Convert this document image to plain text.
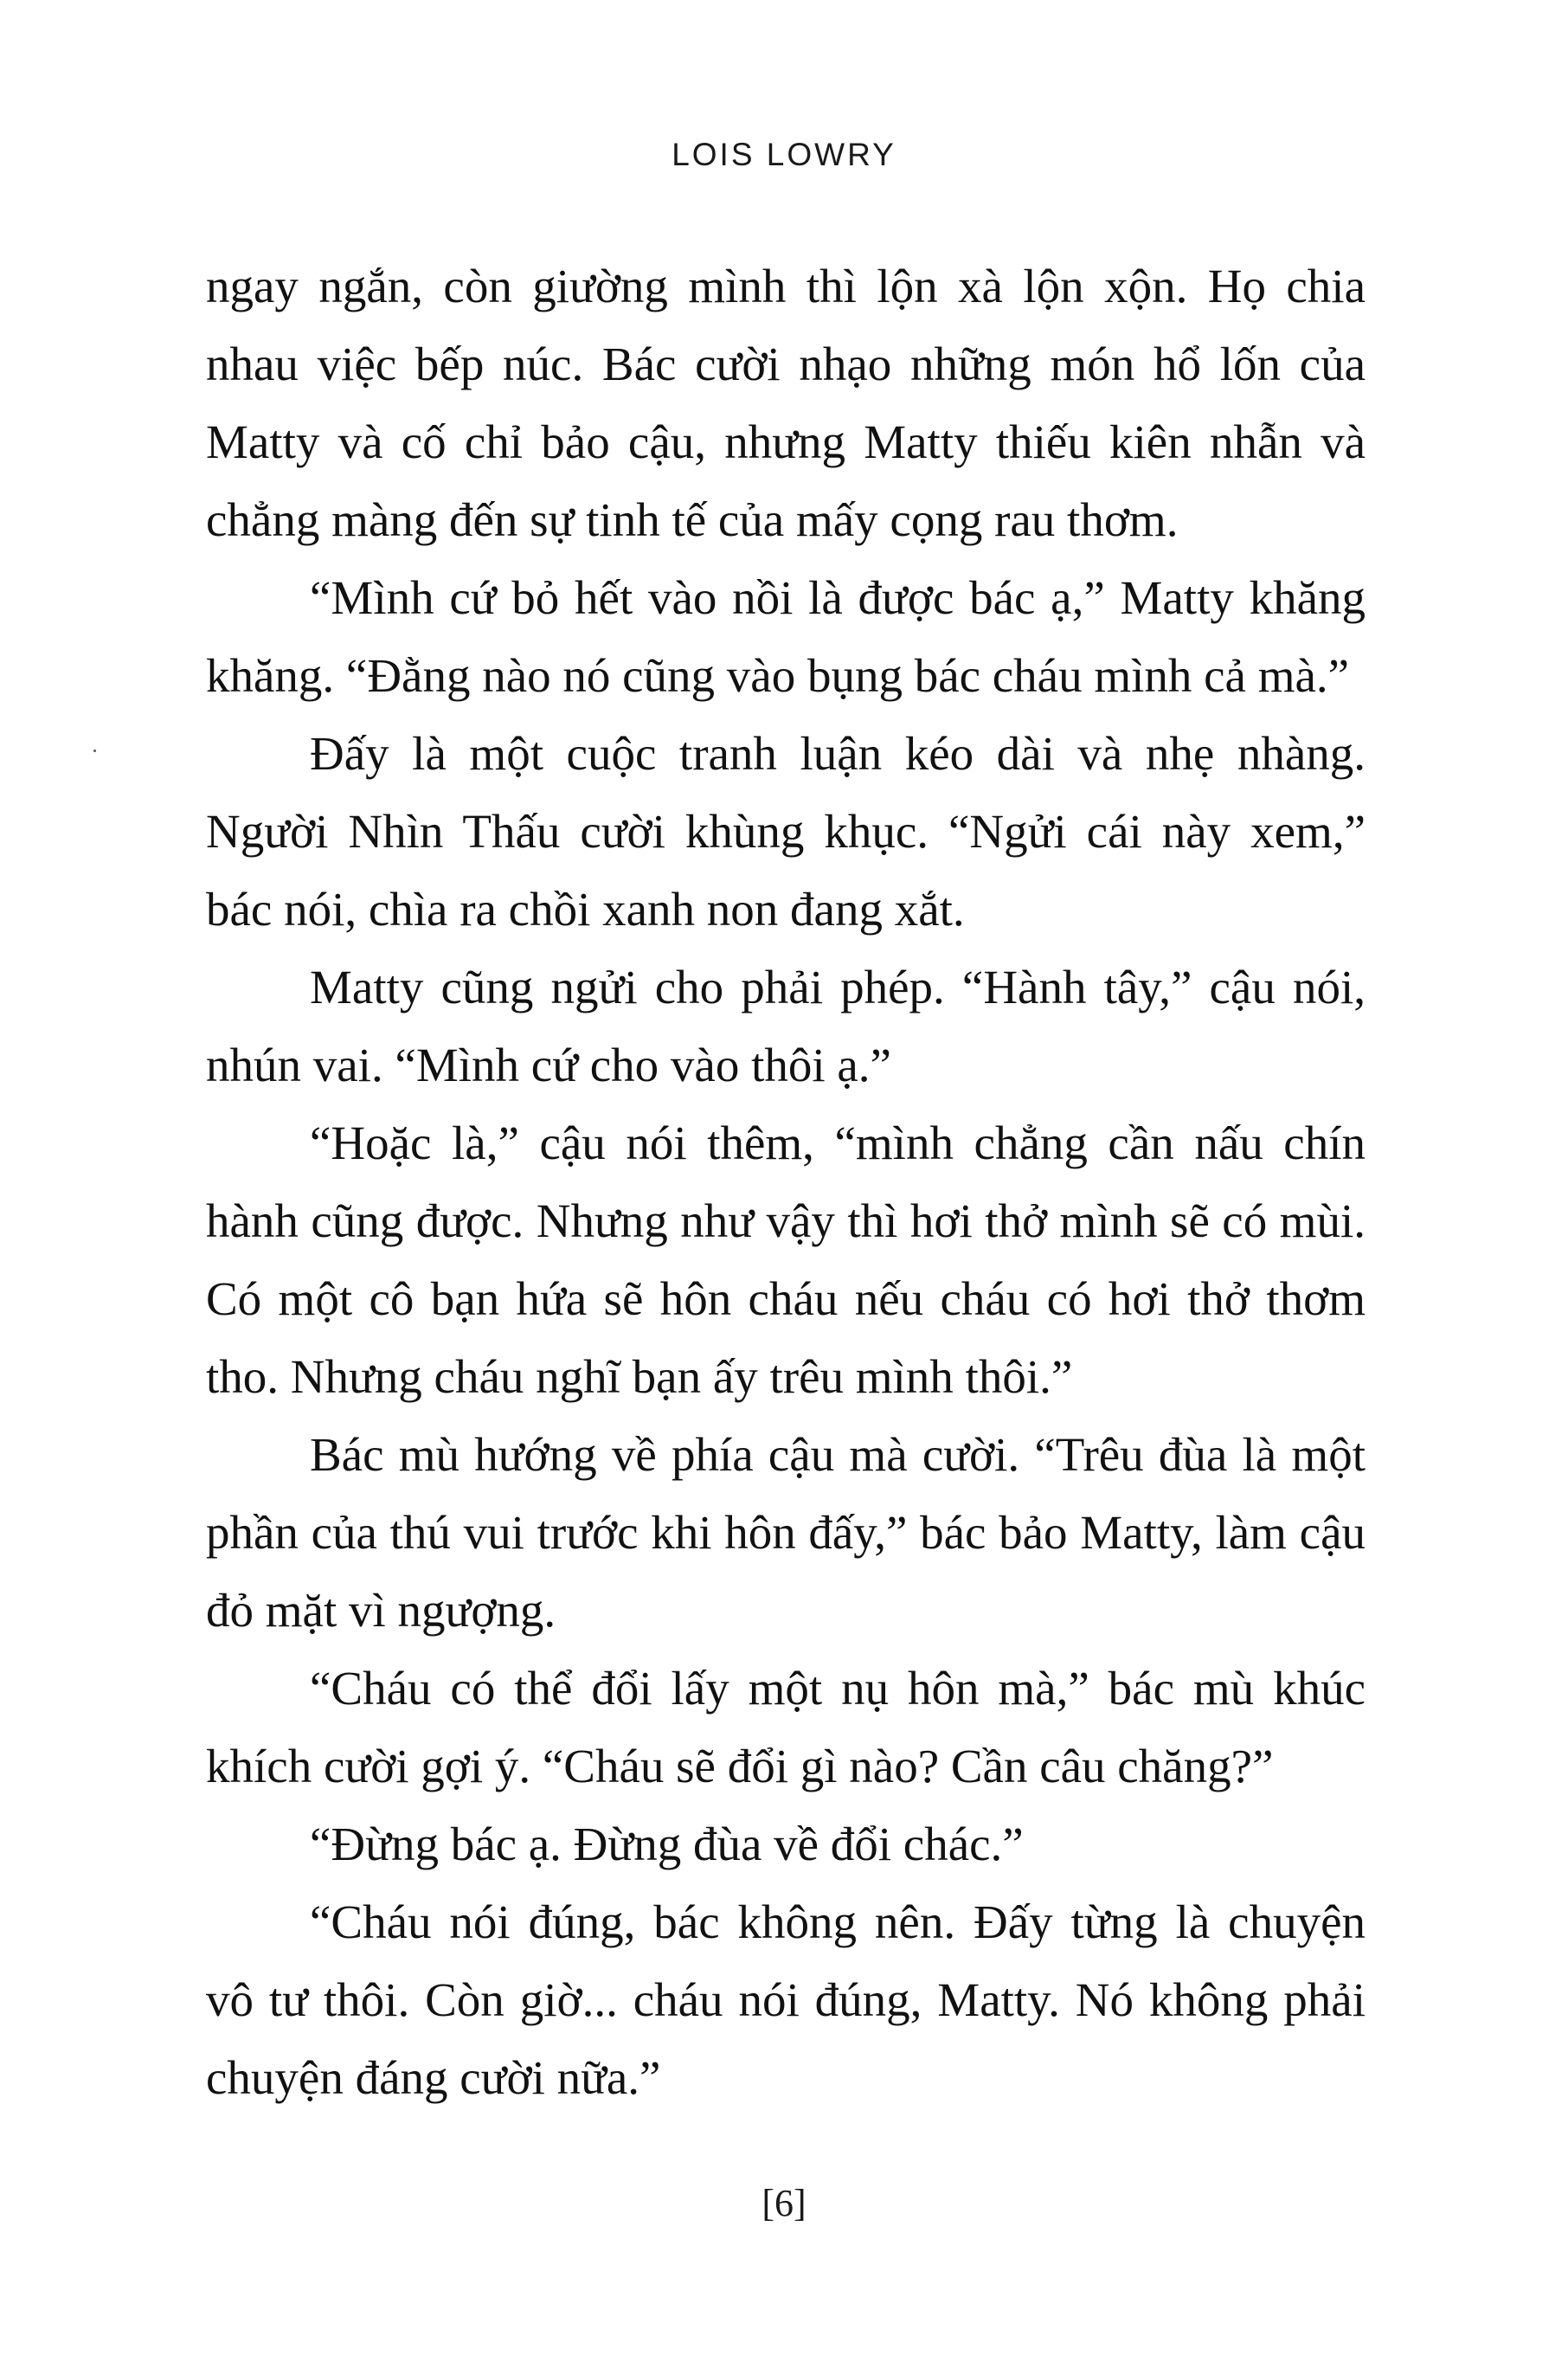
LOIS LOWRY

ngay ngắn, còn giường mình thì lộn xà lộn xộn. Họ chia nhau việc bếp núc. Bác cười nhạo những món hổ lốn của Matty và cố chỉ bảo cậu, nhưng Matty thiếu kiên nhẫn và chẳng màng đến sự tinh tế của mấy cọng rau thơm.

“Mình cứ bỏ hết vào nồi là được bác ạ,” Matty khăng khăng. “Đằng nào nó cũng vào bụng bác cháu mình cả mà.”

Đấy là một cuộc tranh luận kéo dài và nhẹ nhàng. Người Nhìn Thấu cười khùng khục. “Ngửi cái này xem,” bác nói, chìa ra chồi xanh non đang xắt.

Matty cũng ngửi cho phải phép. “Hành tây,” cậu nói, nhún vai. “Mình cứ cho vào thôi ạ.”

“Hoặc là,” cậu nói thêm, “mình chẳng cần nấu chín hành cũng được. Nhưng như vậy thì hơi thở mình sẽ có mùi. Có một cô bạn hứa sẽ hôn cháu nếu cháu có hơi thở thơm tho. Nhưng cháu nghĩ bạn ấy trêu mình thôi.”

Bác mù hướng về phía cậu mà cười. “Trêu đùa là một phần của thú vui trước khi hôn đấy,” bác bảo Matty, làm cậu đỏ mặt vì ngượng.

“Cháu có thể đổi lấy một nụ hôn mà,” bác mù khúc khích cười gợi ý. “Cháu sẽ đổi gì nào? Cần câu chăng?”

“Đừng bác ạ. Đừng đùa về đổi chác.”

“Cháu nói đúng, bác không nên. Đấy từng là chuyện vô tư thôi. Còn giờ... cháu nói đúng, Matty. Nó không phải chuyện đáng cười nữa.”

[6]
